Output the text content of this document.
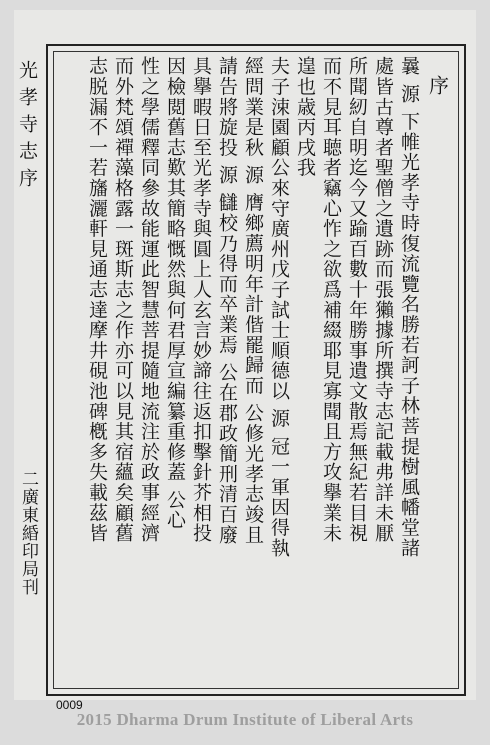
序
曩 源 下帷光孝寺時復流覽名勝若訶子林菩提樹風幡堂諸
處皆古尊者聖僧之遺跡而張獺據所撰寺志記載弗詳未厭
所聞紉自明迄今又踰百數十年勝事遺文散焉無紀若目視
而不見耳聴者竊心怍之欲爲補綴耶見寡聞且方攻擧業未
遑也歳丙戌我
夫子涑園顧公來守廣州戊子試士順德以 源 冠一軍因得執
經問業是秋 源 膺鄉薦明年計偕罷歸而 公修光孝志竣且
請告將旋投 源 讎校乃得而卒業焉 公在郡政簡刑清百廢
具擧暇日至光孝寺與圓上人玄言妙諦往返扣擊針芥相投
因檢閲舊志歎其簡略慨然與何君厚宣編纂重修蓋 公心
性之學儒釋同參故能運此智慧菩提隨地流注於政事經濟
而外梵頌禪藻格露一斑斯志之作亦可以見其宿蘊矣顧舊
志脱漏不一若旛灑軒見通志達摩井硯池碑槪多失載茲皆
光孝寺志序
二廣東緍印局刊
0009
2015 Dharma Drum Institute of Liberal Arts
